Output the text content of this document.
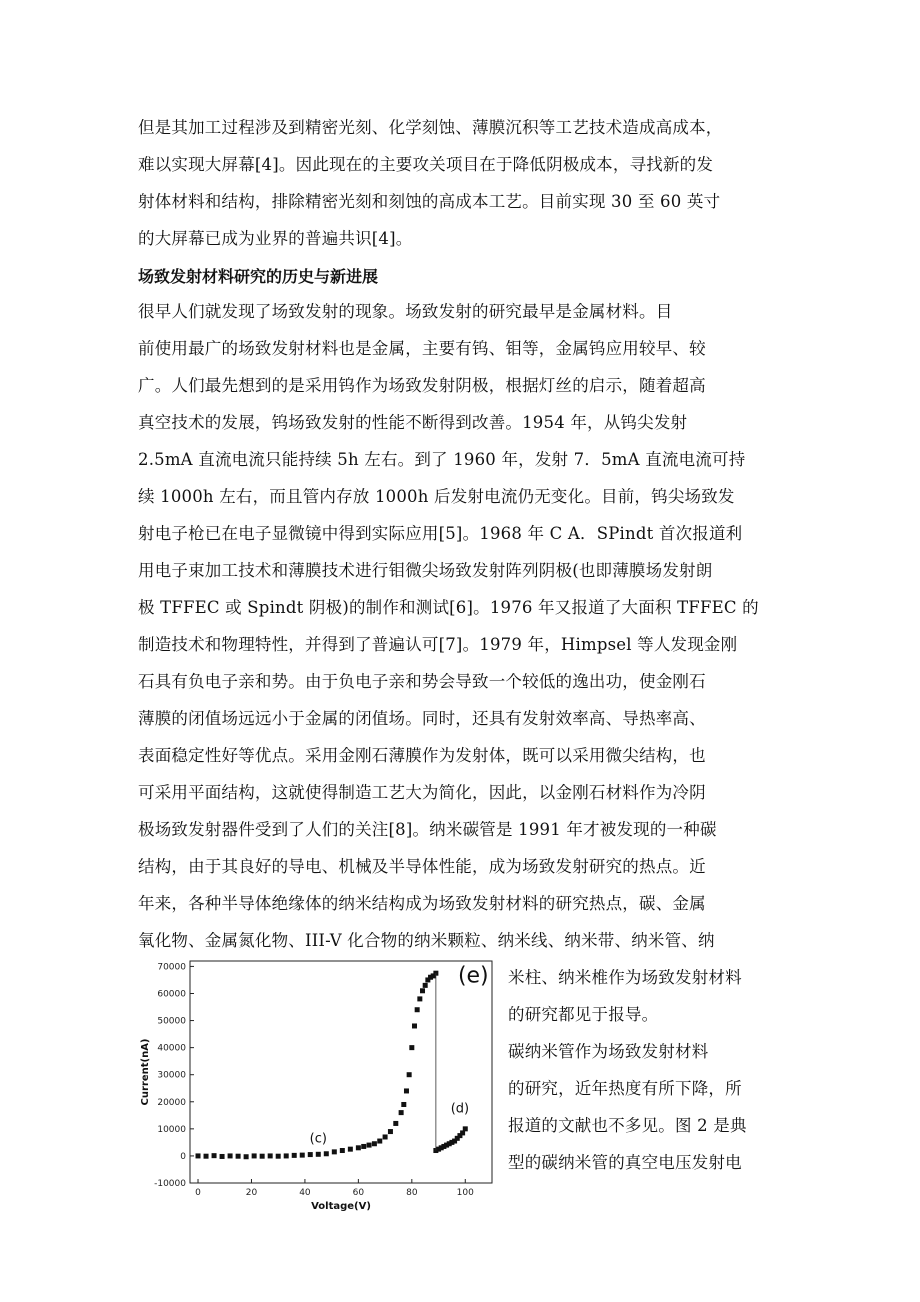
但是其加工过程涉及到精密光刻、化学刻蚀、薄膜沉积等工艺技术造成高成本，
难以实现大屏幕[4]。因此现在的主要攻关项目在于降低阴极成本，寻找新的发
射体材料和结构，排除精密光刻和刻蚀的高成本工艺。目前实现 30 至 60 英寸
的大屏幕已成为业界的普遍共识[4]。
场致发射材料研究的历史与新进展
很早人们就发现了场致发射的现象。场致发射的研究最早是金属材料。目
前使用最广的场致发射材料也是金属，主要有钨、钼等，金属钨应用较早、较
广。人们最先想到的是采用钨作为场致发射阴极，根据灯丝的启示，随着超高
真空技术的发展，钨场致发射的性能不断得到改善。1954 年，从钨尖发射
2.5mA 直流电流只能持续 5h 左右。到了 1960 年，发射 7．5mA 直流电流可持
续 1000h 左右，而且管内存放 1000h 后发射电流仍无变化。目前，钨尖场致发
射电子枪已在电子显微镜中得到实际应用[5]。1968 年 C A．SPindt 首次报道利
用电子束加工技术和薄膜技术进行钼微尖场致发射阵列阴极(也即薄膜场发射朗
极 TFFEC 或 Spindt 阴极)的制作和测试[6]。1976 年又报道了大面积 TFFEC 的
制造技术和物理特性，并得到了普遍认可[7]。1979 年，Himpsel 等人发现金刚
石具有负电子亲和势。由于负电子亲和势会导致一个较低的逸出功，使金刚石
薄膜的闭值场远远小于金属的闭值场。同时，还具有发射效率高、导热率高、
表面稳定性好等优点。采用金刚石薄膜作为发射体，既可以采用微尖结构，也
可采用平面结构，这就使得制造工艺大为简化，因此，以金刚石材料作为冷阴
极场致发射器件受到了人们的关注[8]。纳米碳管是 1991 年才被发现的一种碳
结构，由于其良好的导电、机械及半导体性能，成为场致发射研究的热点。近
年来，各种半导体绝缘体的纳米结构成为场致发射材料的研究热点，碳、金属
氧化物、金属氮化物、III-V 化合物的纳米颗粒、纳米线、纳米带、纳米管、纳
米柱、纳米椎作为场致发射材料
的研究都见于报导。
碳纳米管作为场致发射材料
的研究，近年热度有所下降，所
报道的文献也不多见。图 2 是典
型的碳纳米管的真空电压发射电
-10000
0
10000
20000
30000
40000
50000
60000
70000
0	20	40	60	80	100
Voltage(V)
Current(nA)
(c)
(d)
(e)
